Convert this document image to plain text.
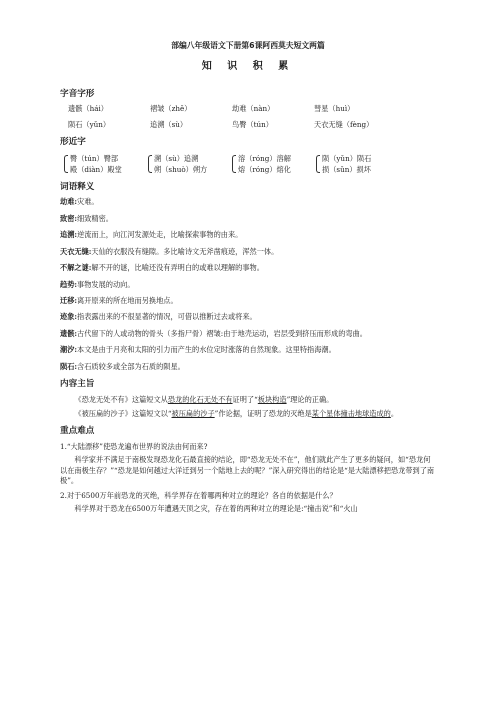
部编八年级语文下册第6课阿西莫夫短文两篇
知 识 积 累
字音字形
遗骸（hái）	褶皱（zhě）	劫难（nàn）	彗星（huì）
陨石（yǔn）	追溯（sù）	鸟臀（tún）	天衣无缝（fèng）
形近字
臀（tún）臀部
殿（diàn）殿堂
溯（sù）追溯
朔（shuò）朔方
溶（róng）溶解
熔（róng）熔化
陨（yǔn）陨石
损（sǔn）损坏
词语释义
劫难:灾难。
致密:细致精密。
追溯:逆流而上，向江河发源处走，比喻探索事物的由来。
天衣无缝:天仙的衣服没有缝隙。多比喻诗文无斧凿痕迹，浑然一体。
不解之谜:解不开的谜，比喻还没有弄明白的或难以理解的事物。
趋势:事物发展的动向。
迁移:离开原来的所在地而另换地点。
迹象:指表露出来的不很显著的情况，可借以推断过去或将来。
遗骸:古代留下的人或动物的骨头（多指尸骨）褶皱:由于地壳运动，岩层受到挤压而形成的弯曲。
潮汐:本文是由于月亮和太阳的引力而产生的水位定时涨落的自然现象。这里特指海潮。
陨石:含石质较多或全部为石质的陨星。
内容主旨

《恐龙无处不有》这篇短文从恐龙的化石无处不有证明了“板块构造”理论的正确。

《被压扁的沙子》这篇短文以“被压扁的沙子”作论据，证明了恐龙的灭绝是某个星体撞击地球造成的。

重点难点
1.“大陆漂移”使恐龙遍布世界的说法由何而来?

科学家并不满足于南极发现恐龙化石最直接的结论，即“恐龙无处不在”，他们就此产生了更多的疑问，如“恐龙何以在南极生存？”“恐龙是如何越过大洋迁到另一个陆地上去的呢？”深入研究得出的结论是“是大陆漂移把恐龙带到了南极”。

2.对于6500万年前恐龙的灭绝，科学界存在着哪两种对立的理论？各自的依据是什么？

科学界对于恐龙在6500万年遭遇天顶之灾，存在着的两种对立的理论是:“撞击说”和“火山
